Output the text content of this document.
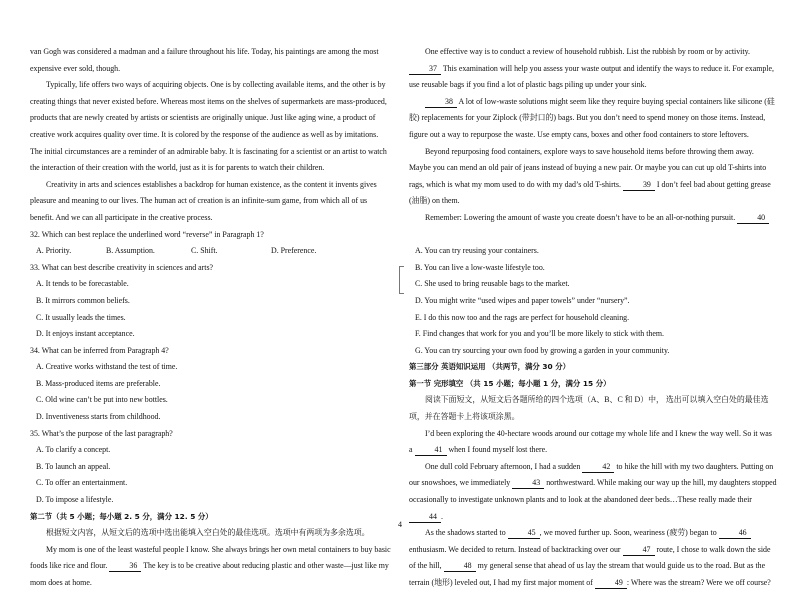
van Gogh was considered a madman and a failure throughout his life. Today, his paintings are among the most expensive ever sold, though.

Typically, life offers two ways of acquiring objects. One is by collecting available items, and the other is by creating things that never existed before. Whereas most items on the shelves of supermarkets are mass-produced, products that are newly created by artists or scientists are originally unique. Just like aging wine, a product of creative work acquires quality over time. It is colored by the response of the audience as well as by imitations. The initial circumstances are a reminder of an admirable baby. It is fascinating for a scientist or an artist to watch the interaction of their creation with the world, just as it is for parents to watch their children.

Creativity in arts and sciences establishes a backdrop for human existence, as the content it invents gives pleasure and meaning to our lives. The human act of creation is an infinite-sum game, from which all of us benefit. And we can all participate in the creative process.

32. Which can best replace the underlined word “reverse” in Paragraph 1?

A. Priority.	B. Assumption.	C. Shift.	D. Preference.

33. What can best describe creativity in sciences and arts?

A. It tends to be forecastable.

B. It mirrors common beliefs.

C. It usually leads the times.

D. It enjoys instant acceptance.

34. What can be inferred from Paragraph 4?

A. Creative works withstand the test of time.

B. Mass-produced items are preferable.

C. Old wine can’t be put into new bottles.

D. Inventiveness starts from childhood.

35. What’s the purpose of the last paragraph?

A. To clarify a concept.

B. To launch an appeal.

C. To offer an entertainment.

D. To impose a lifestyle.

第二节（共 5 小题；每小题 2. 5 分，满分 12. 5 分）

根据短文内容，从短文后的选项中选出能填入空白处的最佳选项。选项中有两项为多余选项。

My mom is one of the least wasteful people I know. She always brings her own metal containers to buy basic foods like rice and flour.	36 The key is to be creative about reducing plastic and other waste—just like my mom does at home.

One effective way is to conduct a review of household rubbish. List the rubbish by room or by activity. 37 This examination will help you assess your waste output and identify the ways to reduce it. For example, use reusable bags if you find a lot of plastic bags piling up under your sink.

38 A lot of low-waste solutions might seem like they require buying special containers like silicone (硅胶) replacements for your Ziplock (带封口的) bags. But you don’t need to spend money on those items. Instead, figure out a way to repurpose the waste. Use empty cans, boxes and other food containers to store leftovers.

Beyond repurposing food containers, explore ways to save household items before throwing them away. Maybe you can mend an old pair of jeans instead of buying a new pair. Or maybe you can cut up old T-shirts into rags, which is what my mom used to do with my dad’s old T-shirts.	39 I don’t feel bad about getting grease (油脂) on them.

Remember: Lowering the amount of waste you create doesn’t have to be an all-or-nothing pursuit.	40

A. You can try reusing your containers.

B. You can live a low-waste lifestyle too.

C. She used to bring reusable bags to the market.

D. You might write “used wipes and paper towels” under “nursery”.

E. I do this now too and the rags are perfect for household cleaning.

F. Find changes that work for you and you’ll be more likely to stick with them.

G. You can try sourcing your own food by growing a garden in your community.

第三部分 英语知识运用 （共两节，满分 30 分）

第一节 完形填空 （共 15 小题；每小题 1 分，满分 15 分）

阅读下面短文，从短文后各题所给的四个选项（A、B、C 和 D）中， 选出可以填入空白处的最佳选项，并在答题卡上将该项涂黑。

I’d been exploring the 40-hectare woods around our cottage my whole life and I knew the way well. So it was a	41 when I found myself lost there.

One dull cold February afternoon, I had a sudden	42 to hike the hill with my two daughters. Putting on our snowshoes, we immediately	43 northwestward. While making our way up the hill, my daughters stopped occasionally to investigate unknown plants and to look at the abandoned deer beds…These really made their 44 .

As the shadows started to	45 , we moved further up. Soon, weariness (疲劳) began to	46 enthusiasm. We decided to return. Instead of backtracking over our	47 route, I chose to walk down the side of the hill,	48 my general sense that ahead of us lay the stream that would guide us to the road. But as the terrain (地形) leveled out, I had my first major moment of	49 : Where was the stream? Were we off course?

4
